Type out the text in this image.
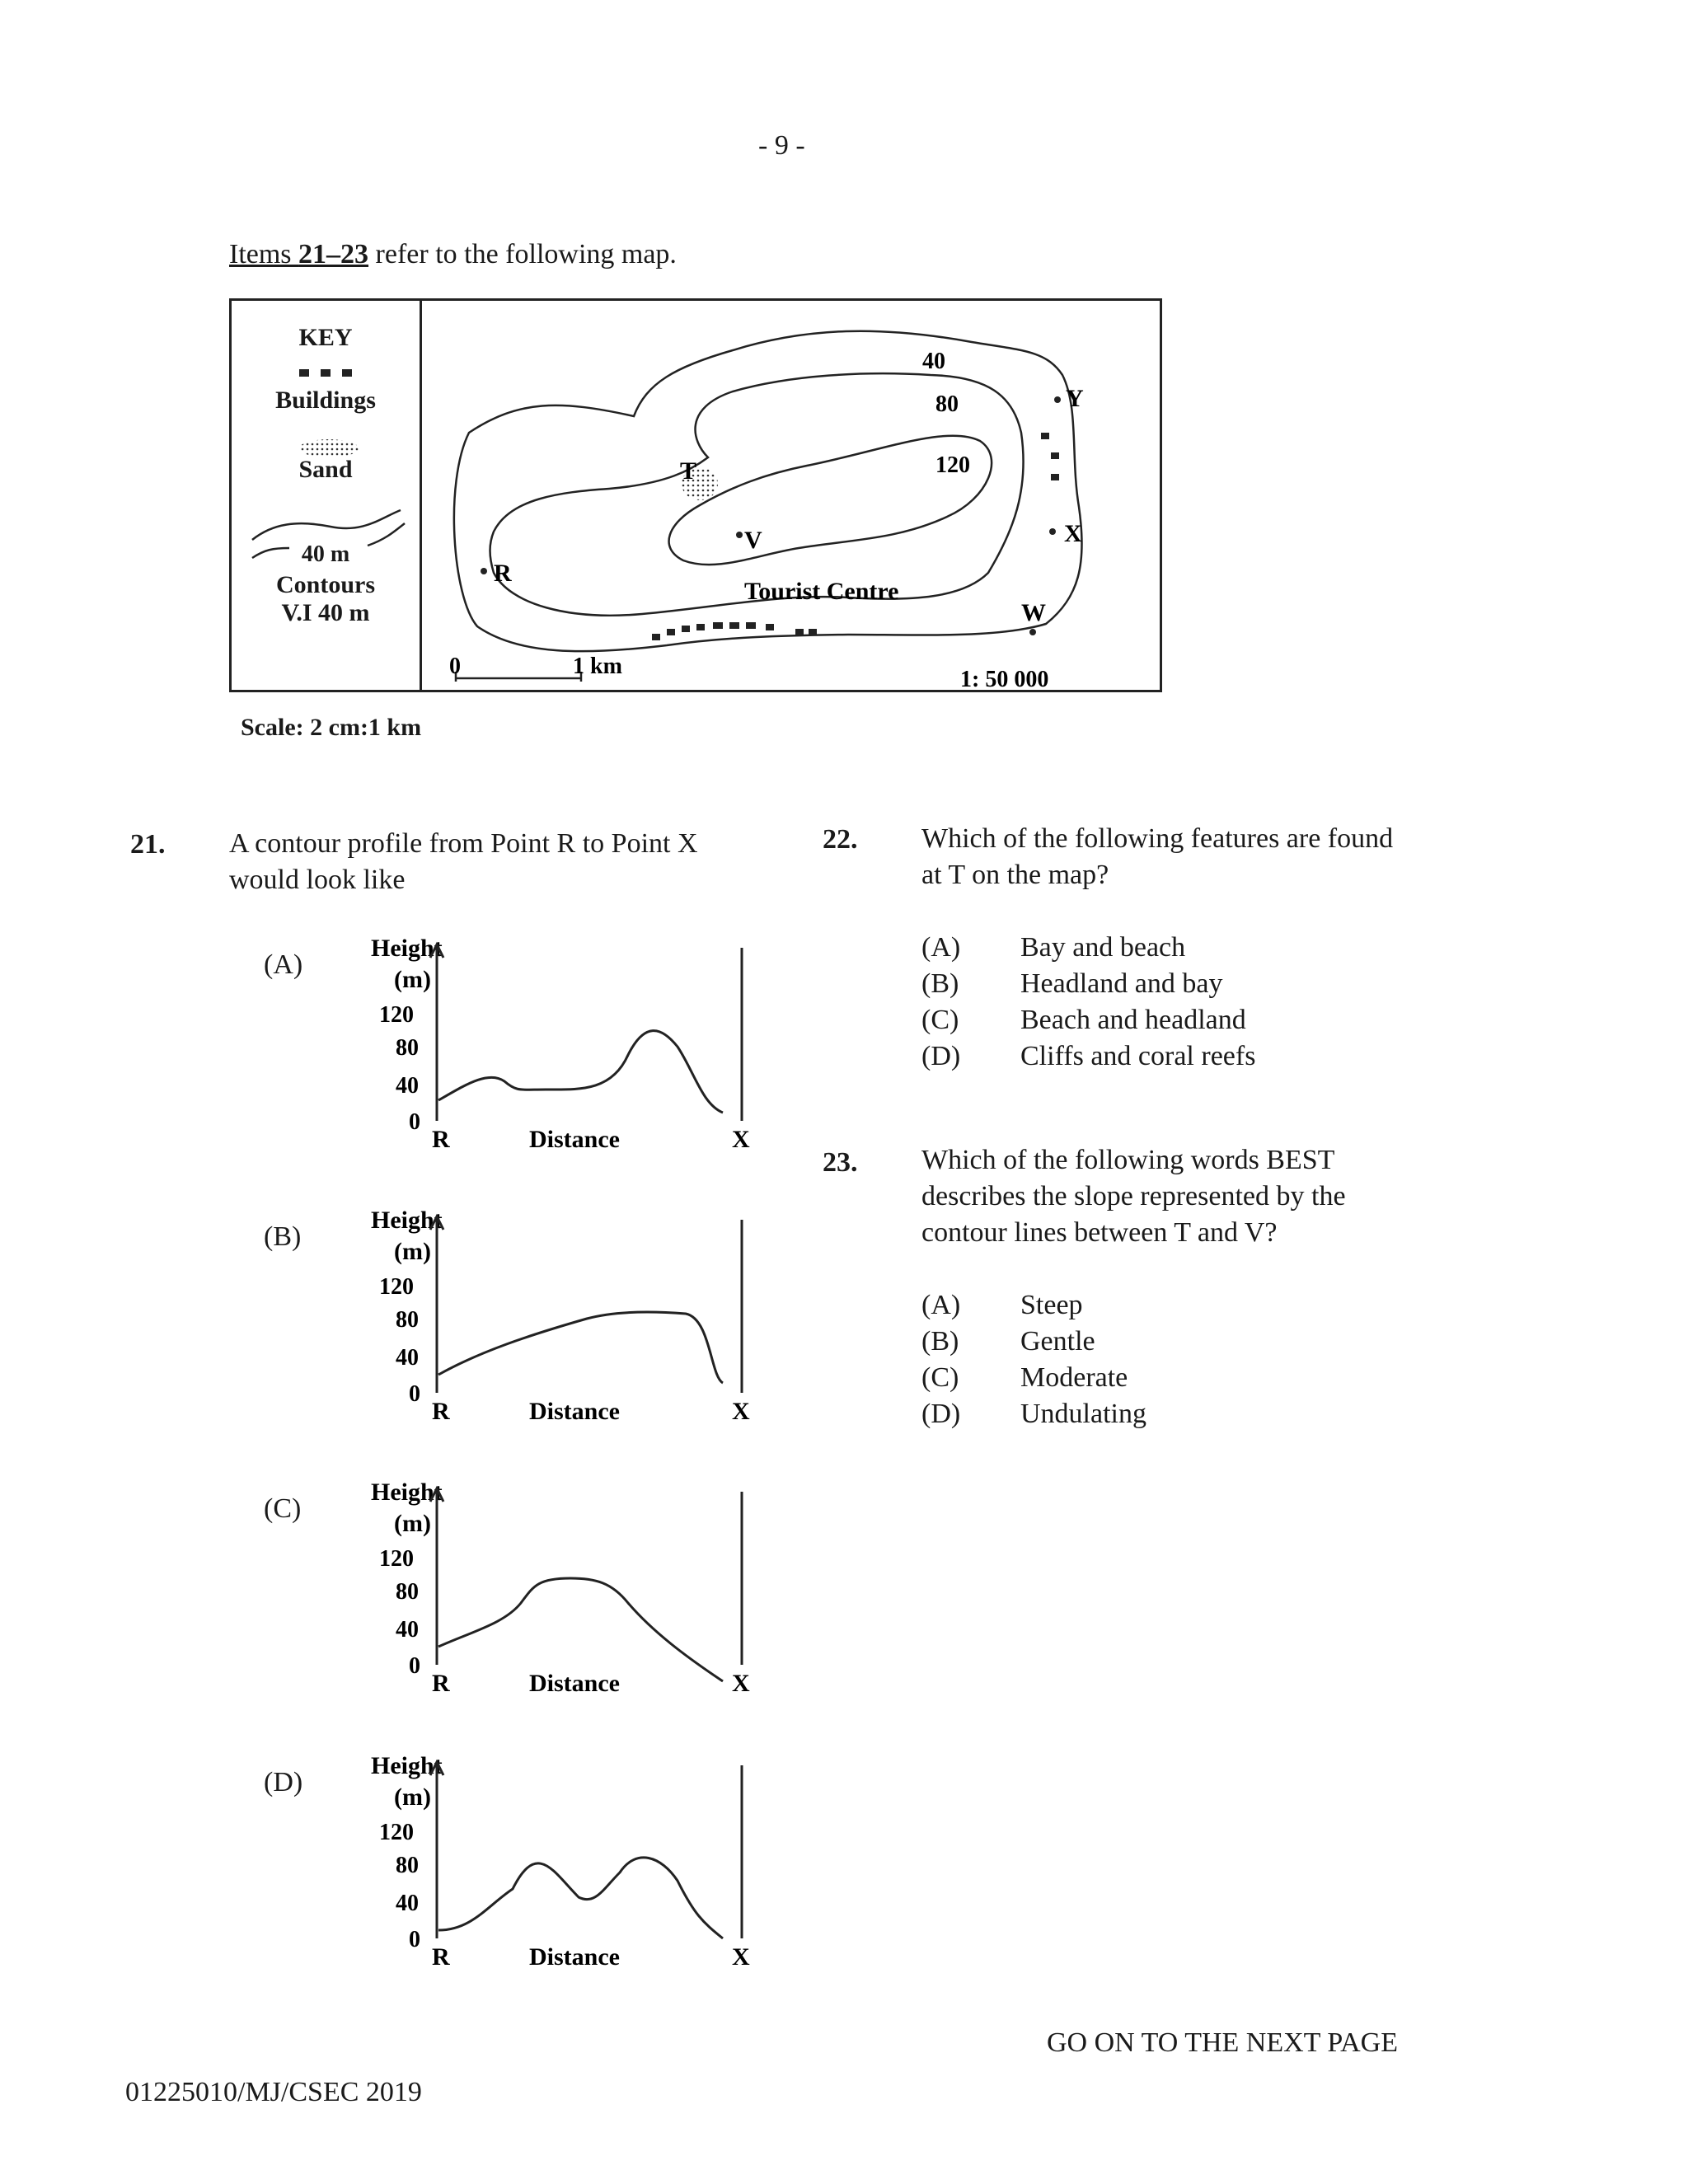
- 9 -
Items 21–23 refer to the following map.
KEY
Buildings
Sand
40 m
Contours
V.I 40 m
40
80
120
R
T
V
W
X
Y
Tourist Centre
0	1 km
1: 50 000
Scale: 2 cm:1 km
21. A contour profile from Point R to Point X
would look like
(A)
Height
(m)
120
80
40
0
R	Distance	X
(B)
Height
(m)
120
80
40
0
R	Distance	X
(C)
Height
(m)
120
80
40
0
R	Distance	X
(D)
Height
(m)
120
80
40
0
R	Distance	X
22. Which of the following features are found
at T on the map?
(A) Bay and beach
(B) Headland and bay
(C) Beach and headland
(D) Cliffs and coral reefs
23. Which of the following words BEST
describes the slope represented by the
contour lines between T and V?
(A) Steep
(B) Gentle
(C) Moderate
(D) Undulating
GO ON TO THE NEXT PAGE
01225010/MJ/CSEC 2019
